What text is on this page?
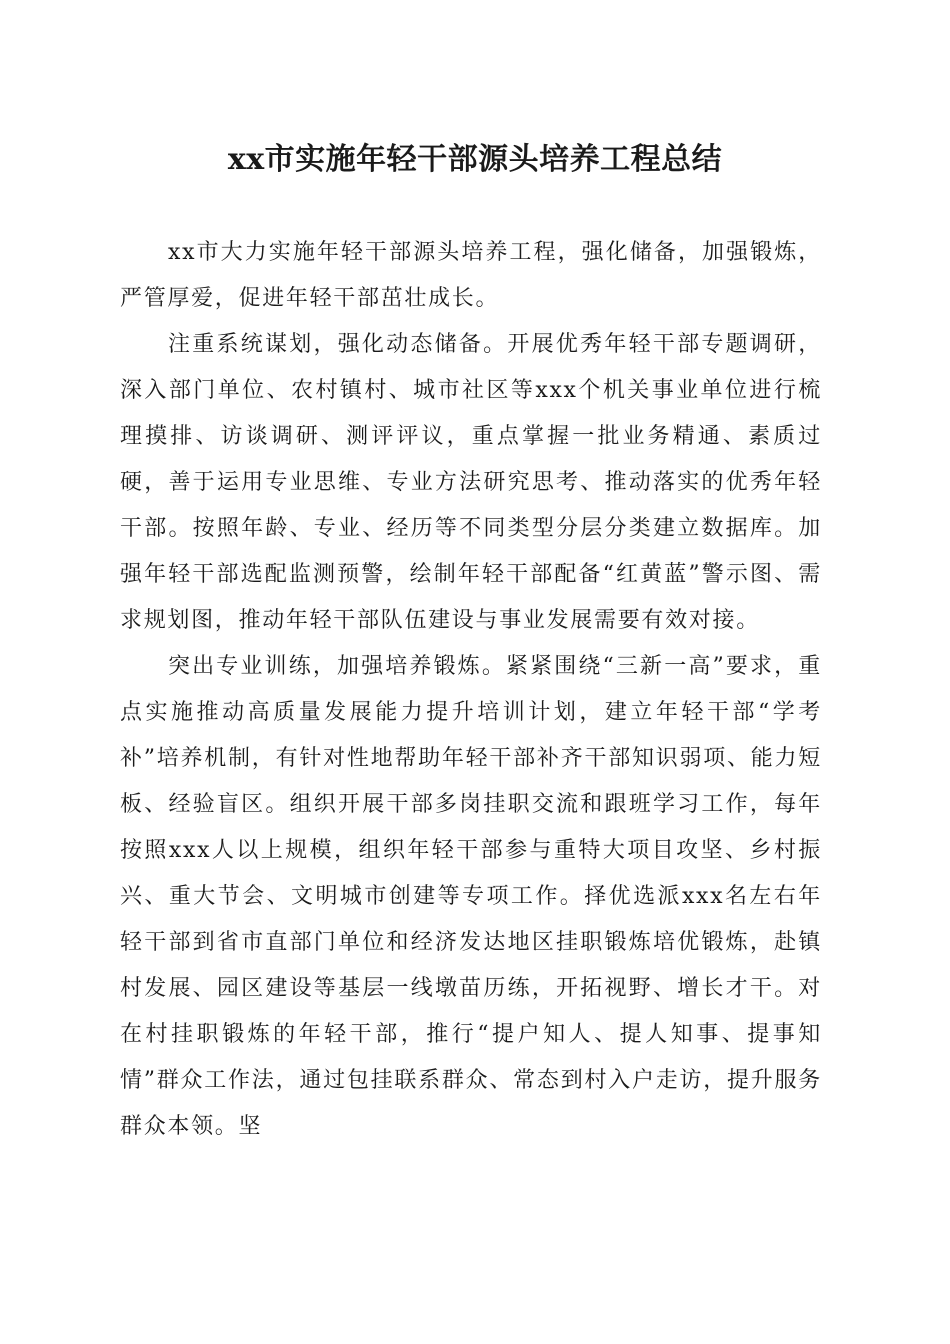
xx市实施年轻干部源头培养工程总结

xx市大力实施年轻干部源头培养工程，强化储备，加强锻炼，严管厚爱，促进年轻干部茁壮成长。

注重系统谋划，强化动态储备。开展优秀年轻干部专题调研，深入部门单位、农村镇村、城市社区等xxx个机关事业单位进行梳理摸排、访谈调研、测评评议，重点掌握一批业务精通、素质过硬，善于运用专业思维、专业方法研究思考、推动落实的优秀年轻干部。按照年龄、专业、经历等不同类型分层分类建立数据库。加强年轻干部选配监测预警，绘制年轻干部配备“红黄蓝”警示图、需求规划图，推动年轻干部队伍建设与事业发展需要有效对接。

突出专业训练，加强培养锻炼。紧紧围绕“三新一高”要求，重点实施推动高质量发展能力提升培训计划，建立年轻干部“学考补”培养机制，有针对性地帮助年轻干部补齐干部知识弱项、能力短板、经验盲区。组织开展干部多岗挂职交流和跟班学习工作，每年按照xxx人以上规模，组织年轻干部参与重特大项目攻坚、乡村振兴、重大节会、文明城市创建等专项工作。择优选派xxx名左右年轻干部到省市直部门单位和经济发达地区挂职锻炼培优锻炼，赴镇村发展、园区建设等基层一线墩苗历练，开拓视野、增长才干。对在村挂职锻炼的年轻干部，推行“提户知人、提人知事、提事知情”群众工作法，通过包挂联系群众、常态到村入户走访，提升服务群众本领。坚
